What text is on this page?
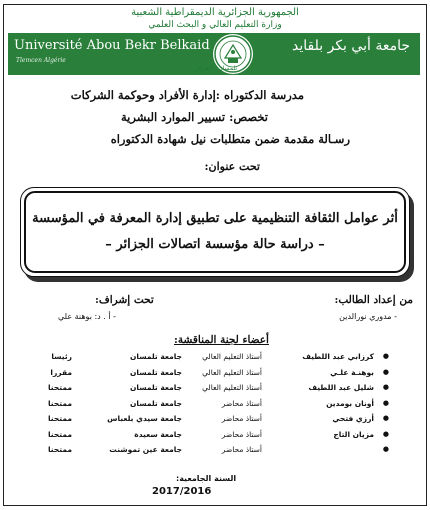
الجمهورية الجزائرية الديمقراطية الشعبية
وزارة التعليم العالي و البحث العلمي
Université Abou Bekr Belkaid
Tlemcen Algérie
جامعة أبي بكر بلقايد
تلمسان - الجزائر
مدرسة الدكتوراه :إدارة الأفراد وحوكمة الشركات
تخصص: تسيير الموارد البشرية
رسـالة مقدمة ضمن متطلبات نيل شهادة الدكتوراه
تحت عنوان:
أثر عوامل الثقافة التنظيمية على تطبيق إدارة المعرفة في المؤسسة
– دراسة حالة مؤسسة اتصالات الجزائر –
من إعداد الطالب:
تحت إشراف:
- مدوري نورالدين
- أ . د: بوهنة علي
أعضاء لجنة المناقشة:
●
كرزابي عبد اللطيف
أستاذ التعليم العالي
جامعة تلمسان
رئيسا
●
بوهنـة علـي
أستاذ التعليم العالي
جامعة تلمسان
مقررا
●
شليل عبد اللطيف
أستاذ التعليم العالي
جامعة تلمسان
ممتحنا
●
أونان بومدين
أستاذ محاضر
جامعة تلمسان
ممتحنا
●
أرزي فتحي
أستاذ محاضر
جامعة سيدي بلعباس
ممتحنا
●
مزيان التاج
أستاذ محاضر
جامعة سعيدة
ممتحنا
●
أستاذ محاضر
جامعة عين تموشنت
ممتحنا
السنة الجامعية:
2017/2016
